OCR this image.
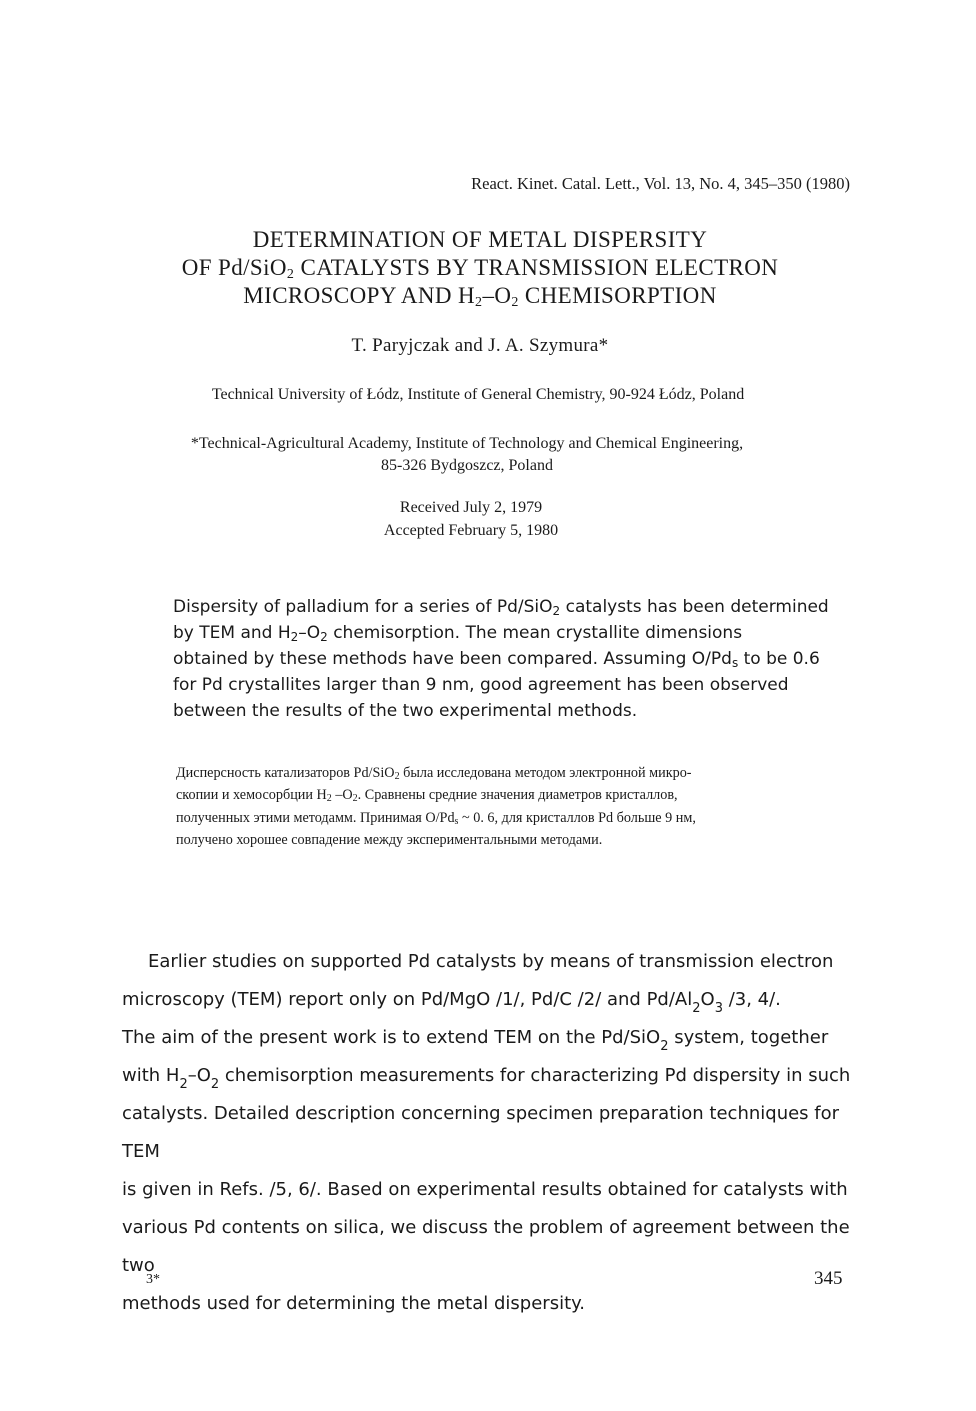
React. Kinet. Catal. Lett., Vol. 13, No. 4, 345–350 (1980)
DETERMINATION OF METAL DISPERSITY
OF Pd/SiO$_2$ CATALYSTS BY TRANSMISSION ELECTRON
MICROSCOPY AND $H_2-O_2$ CHEMISORPTION
T. Paryjczak and J. A. Szymura*
Technical University of Łódz, Institute of General Chemistry, 90-924 Łódz, Poland
*Technical-Agricultural Academy, Institute of Technology and Chemical Engineering,
85-326 Bydgoszcz, Poland
Received July 2, 1979
Accepted February 5, 1980
Dispersity of palladium for a series of Pd/SiO$_2$ catalysts has been determined
by TEM and $H_2-O_2$ chemisorption. The mean crystallite dimensions
obtained by these methods have been compared. Assuming $O/Pd_s$ to be 0.6
for Pd crystallites larger than 9 nm, good agreement has been observed
between the results of the two experimental methods.
Дисперсность катализаторов Pd/SiO$_2$ была исследована методом электронной микро-
скопии и хемосорбции $H_2$ $-O_2$. Сравнены средние значения диаметров кристаллов,
полученных этими методамм. Принимая $O/Pd_s$ ~ 0. 6, для кристаллов Pd больше 9 нм,
получено хорошее совпадение между экспериментальными методами.
Earlier studies on supported Pd catalysts by means of transmission electron
microscopy (TEM) report only on Pd/MgO /1/, Pd/C /2/ and $Pd/Al_2O_3$ /3, 4/.
The aim of the present work is to extend TEM on the Pd/SiO$_2$ system, together
with $H_2-O_2$ chemisorption measurements for characterizing Pd dispersity in such
catalysts. Detailed description concerning specimen preparation techniques for TEM
is given in Refs. /5, 6/. Based on experimental results obtained for catalysts with
various Pd contents on silica, we discuss the problem of agreement between the two
methods used for determining the metal dispersity.
3*	345
